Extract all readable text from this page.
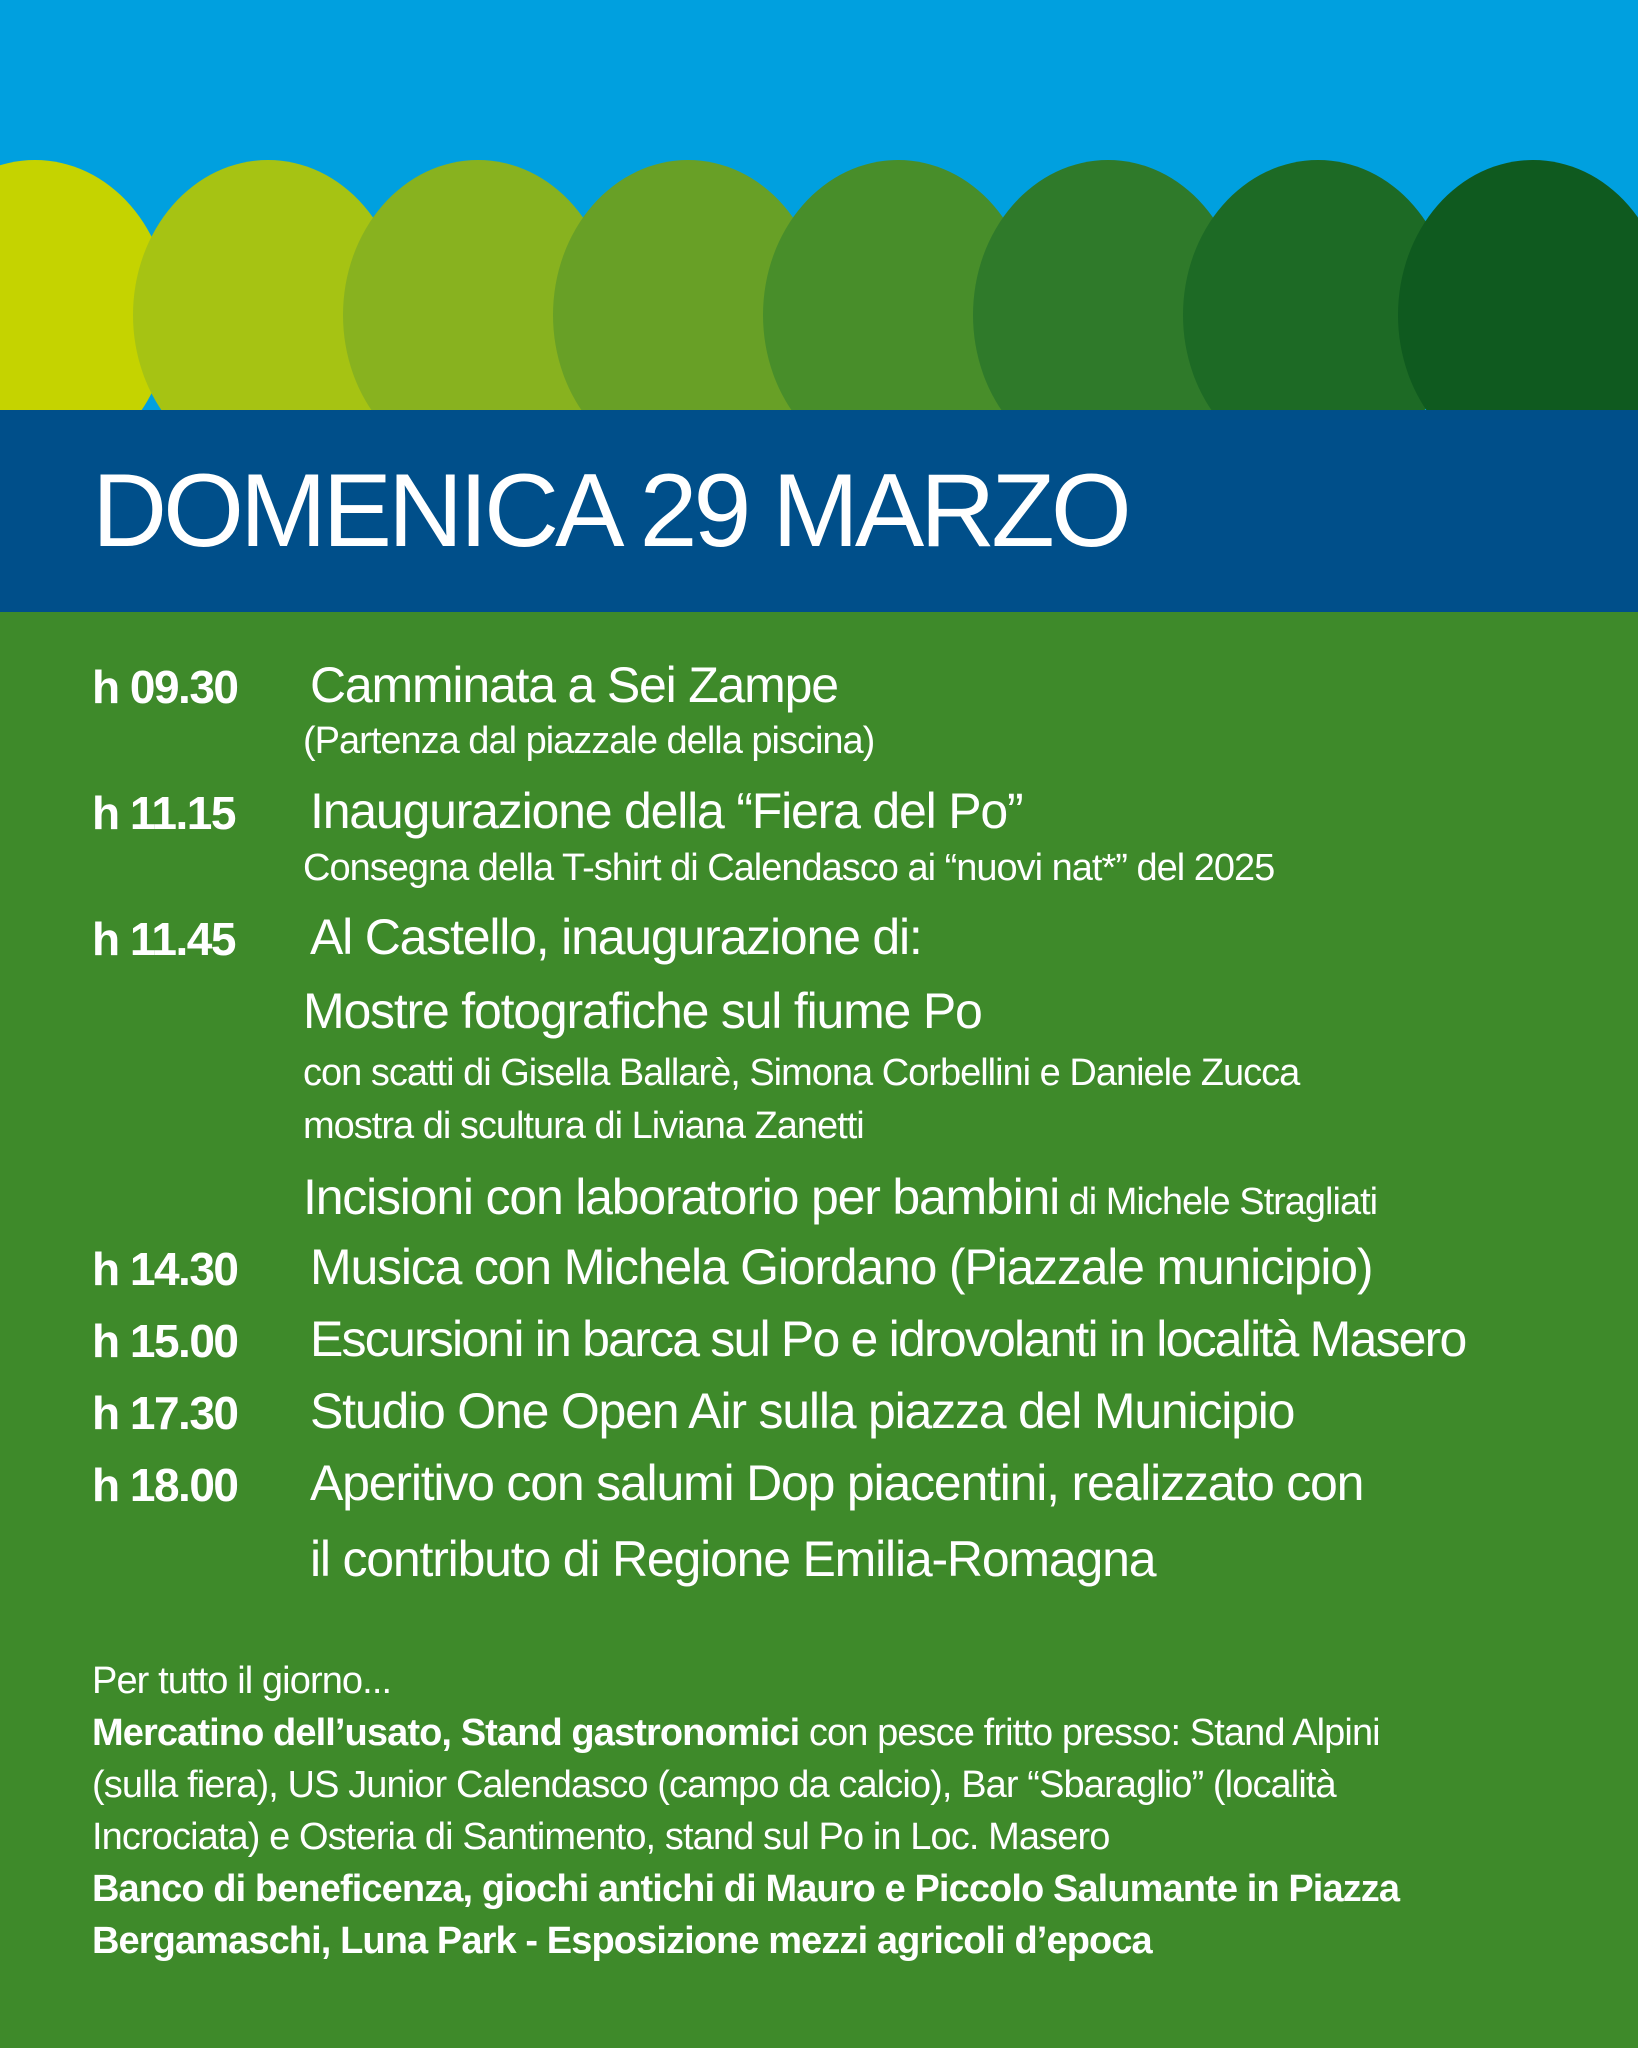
DOMENICA 29 MARZO
h 09.30 Camminata a Sei Zampe
(Partenza dal piazzale della piscina)
h 11.15 Inaugurazione della “Fiera del Po”
Consegna della T-shirt di Calendasco ai “nuovi nat*” del 2025
h 11.45 Al Castello, inaugurazione di:
Mostre fotografiche sul fiume Po
con scatti di Gisella Ballarè, Simona Corbellini e Daniele Zucca
mostra di scultura di Liviana Zanetti
Incisioni con laboratorio per bambini di Michele Stragliati
h 14.30 Musica con Michela Giordano (Piazzale municipio)
h 15.00 Escursioni in barca sul Po e idrovolanti in località Masero
h 17.30 Studio One Open Air sulla piazza del Municipio
h 18.00 Aperitivo con salumi Dop piacentini, realizzato con
il contributo di Regione Emilia-Romagna
Per tutto il giorno...
Mercatino dell’usato, Stand gastronomici con pesce fritto presso: Stand Alpini
(sulla fiera), US Junior Calendasco (campo da calcio), Bar “Sbaraglio” (località
Incrociata) e Osteria di Santimento, stand sul Po in Loc. Masero
Banco di beneficenza, giochi antichi di Mauro e Piccolo Salumante in Piazza
Bergamaschi, Luna Park - Esposizione mezzi agricoli d’epoca
